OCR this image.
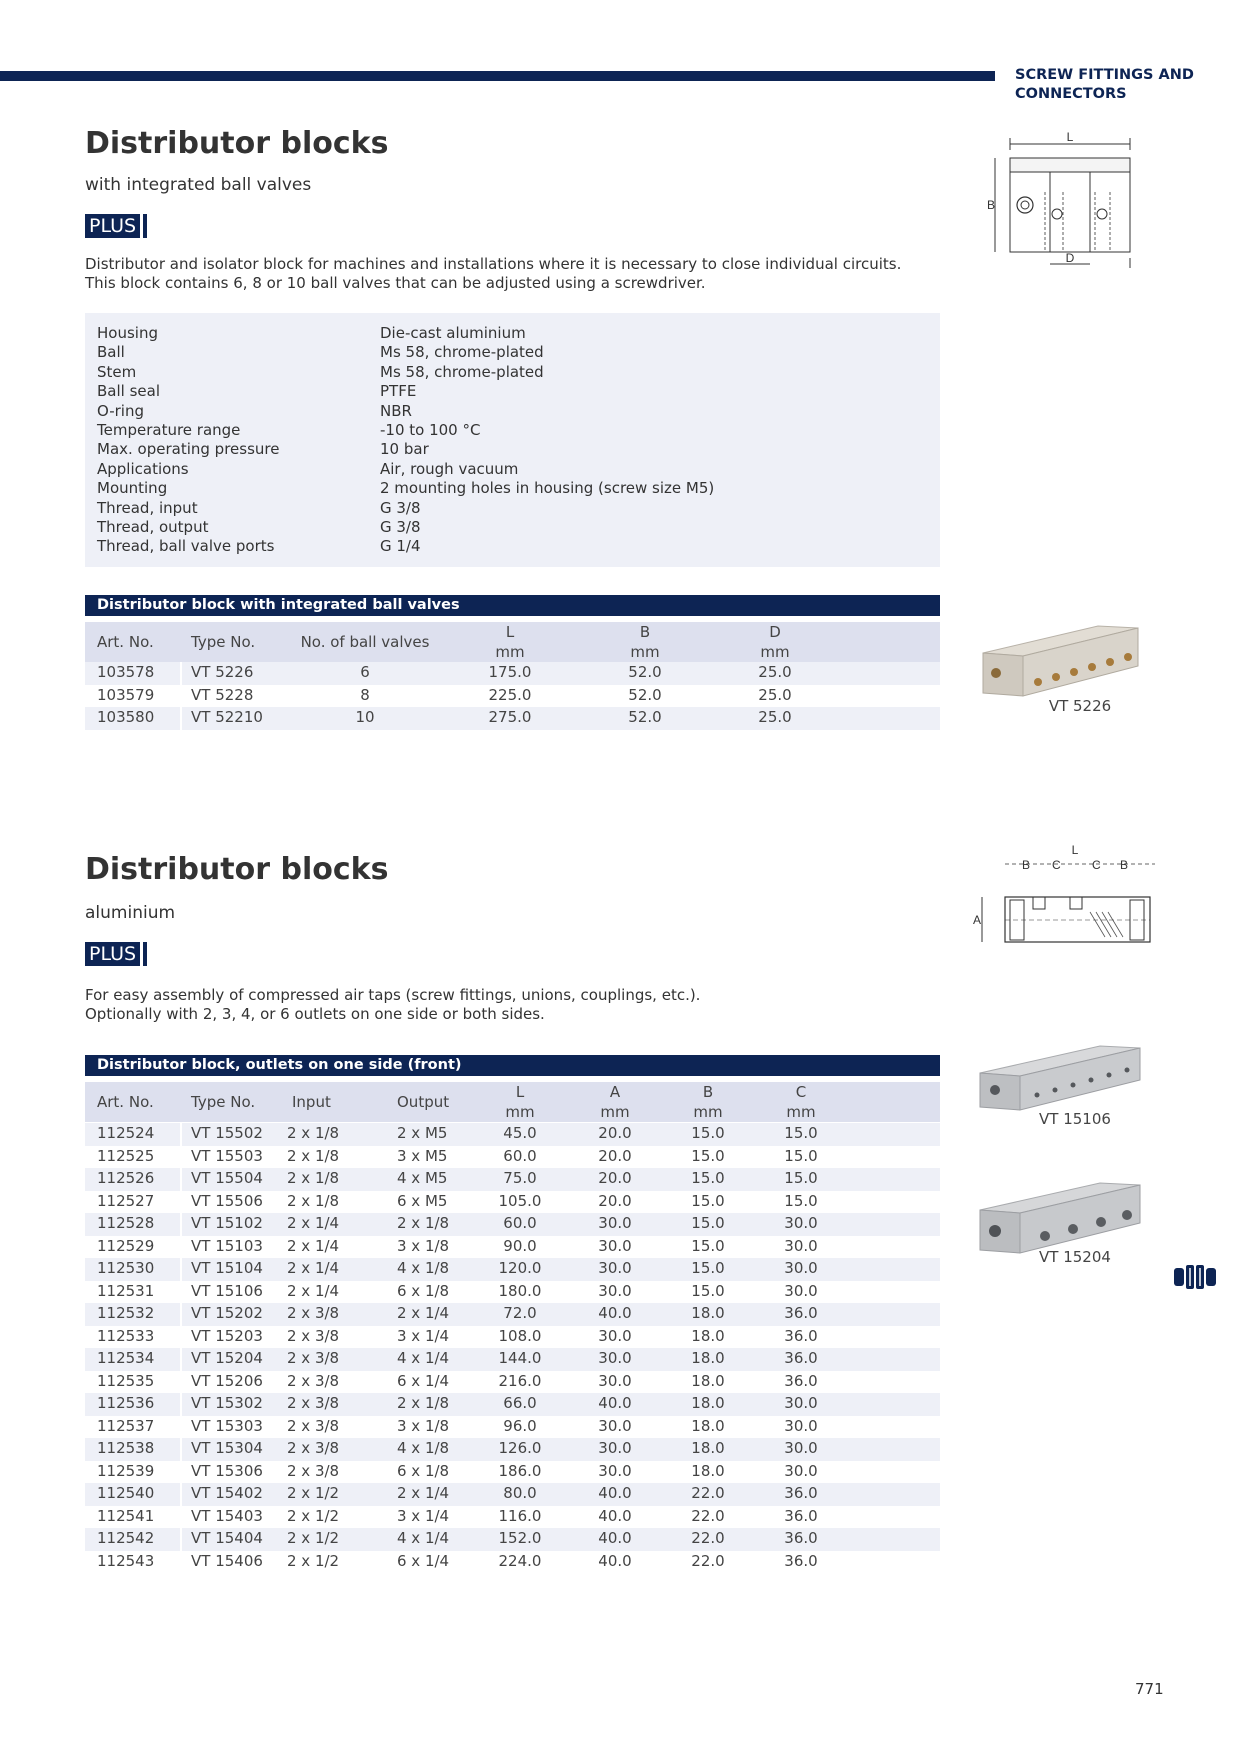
SCREW FITTINGS AND CONNECTORS
Distributor blocks
with integrated ball valves
PLUS
Distributor and isolator block for machines and installations where it is necessary to close individual circuits.
This block contains 6, 8 or 10 ball valves that can be adjusted using a screwdriver.
Housing	Die-cast aluminium
Ball	Ms 58, chrome-plated
Stem	Ms 58, chrome-plated
Ball seal	PTFE
O-ring	NBR
Temperature range	-10 to 100 °C
Max. operating pressure	10 bar
Applications	Air, rough vacuum
Mounting	2 mounting holes in housing (screw size M5)
Thread, input	G 3/8
Thread, output	G 3/8
Thread, ball valve ports	G 1/4
Distributor block with integrated ball valves
Art. No. Type No.	No. of ball valves
L
mm
B
mm
D
mm
103578 VT 5226	6	175.0	52.0	25.0
103579 VT 5228	8	225.0	52.0	25.0
103580 VT 52210	10	275.0	52.0	25.0
L
B
D
VT 5226
Distributor blocks
aluminium
PLUS
For easy assembly of compressed air taps (screw fittings, unions, couplings, etc.).
Optionally with 2, 3, 4, or 6 outlets on one side or both sides.
Distributor block, outlets on one side (front)
Art. No. Type No. Input	Output
L
mm
A
mm
B
mm
C
mm
112524 VT 15502 2 x 1/8	2 x M5	45.0	20.0	15.0	15.0
112525 VT 15503 2 x 1/8	3 x M5	60.0	20.0	15.0	15.0
112526 VT 15504 2 x 1/8	4 x M5	75.0	20.0	15.0	15.0
112527 VT 15506 2 x 1/8	6 x M5	105.0	20.0	15.0	15.0
112528 VT 15102 2 x 1/4	2 x 1/8	60.0	30.0	15.0	30.0
112529 VT 15103 2 x 1/4	3 x 1/8	90.0	30.0	15.0	30.0
112530 VT 15104 2 x 1/4	4 x 1/8	120.0	30.0	15.0	30.0
112531 VT 15106 2 x 1/4	6 x 1/8	180.0	30.0	15.0	30.0
112532 VT 15202 2 x 3/8	2 x 1/4	72.0	40.0	18.0	36.0
112533 VT 15203 2 x 3/8	3 x 1/4	108.0	30.0	18.0	36.0
112534 VT 15204 2 x 3/8	4 x 1/4	144.0	30.0	18.0	36.0
112535 VT 15206 2 x 3/8	6 x 1/4	216.0	30.0	18.0	36.0
112536 VT 15302 2 x 3/8	2 x 1/8	66.0	40.0	18.0	30.0
112537 VT 15303 2 x 3/8	3 x 1/8	96.0	30.0	18.0	30.0
112538 VT 15304 2 x 3/8	4 x 1/8	126.0	30.0	18.0	30.0
112539 VT 15306 2 x 3/8	6 x 1/8	186.0	30.0	18.0	30.0
112540 VT 15402 2 x 1/2	2 x 1/4	80.0	40.0	22.0	36.0
112541 VT 15403 2 x 1/2	3 x 1/4	116.0	40.0	22.0	36.0
112542 VT 15404 2 x 1/2	4 x 1/4	152.0	40.0	22.0	36.0
112543 VT 15406 2 x 1/2	6 x 1/4	224.0	40.0	22.0	36.0
L
B C	C B
A
VT 15106
VT 15204
771
